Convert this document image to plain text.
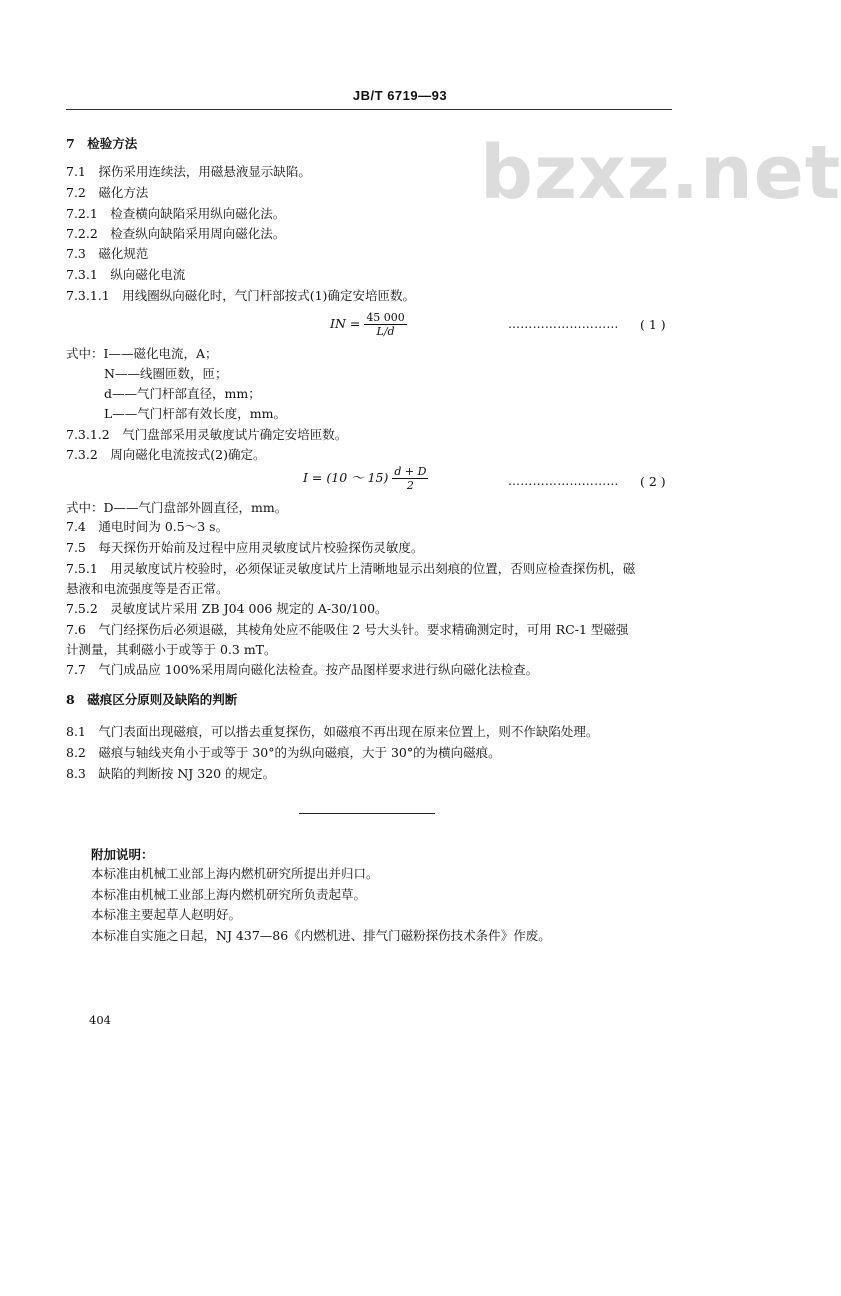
JB/T 6719—93
bzxz.net
7　检验方法
7.1　探伤采用连续法，用磁悬液显示缺陷。
7.2　磁化方法
7.2.1　检查横向缺陷采用纵向磁化法。
7.2.2　检查纵向缺陷采用周向磁化法。
7.3　磁化规范
7.3.1　纵向磁化电流
7.3.1.1　用线圈纵向磁化时，气门杆部按式(1)确定安培匝数。
IN = $\frac{45 000}{L/d}$	……………………… ( 1 )
式中：I——磁化电流，A；
N——线圈匝数，匝；
d——气门杆部直径，mm；
L——气门杆部有效长度，mm。
7.3.1.2　气门盘部采用灵敏度试片确定安培匝数。
7.3.2　周向磁化电流按式(2)确定。
I = (10 ～ $15) \frac{d + D}{2}$	……………………… ( 2 )
式中：D——气门盘部外圆直径，mm。
7.4　通电时间为 0.5～3 s。
7.5　每天探伤开始前及过程中应用灵敏度试片校验探伤灵敏度。
7.5.1　用灵敏度试片校验时，必须保证灵敏度试片上清晰地显示出刻痕的位置，否则应检查探伤机，磁
悬液和电流强度等是否正常。
7.5.2　灵敏度试片采用 ZB J04 006 规定的 A-30/100。
7.6　气门经探伤后必须退磁，其棱角处应不能吸住 2 号大头针。要求精确测定时，可用 RC-1 型磁强
计测量，其剩磁小于或等于 0.3 mT。
7.7　气门成品应 100%采用周向磁化法检查。按产品图样要求进行纵向磁化法检查。
8　磁痕区分原则及缺陷的判断
8.1　气门表面出现磁痕，可以揩去重复探伤，如磁痕不再出现在原来位置上，则不作缺陷处理。
8.2　磁痕与轴线夹角小于或等于 30°的为纵向磁痕，大于 30°的为横向磁痕。
8.3　缺陷的判断按 NJ 320 的规定。
附加说明：
本标准由机械工业部上海内燃机研究所提出并归口。
本标准由机械工业部上海内燃机研究所负责起草。
本标准主要起草人赵明好。
本标准自实施之日起，NJ 437—86《内燃机进、排气门磁粉探伤技术条件》作废。
404
